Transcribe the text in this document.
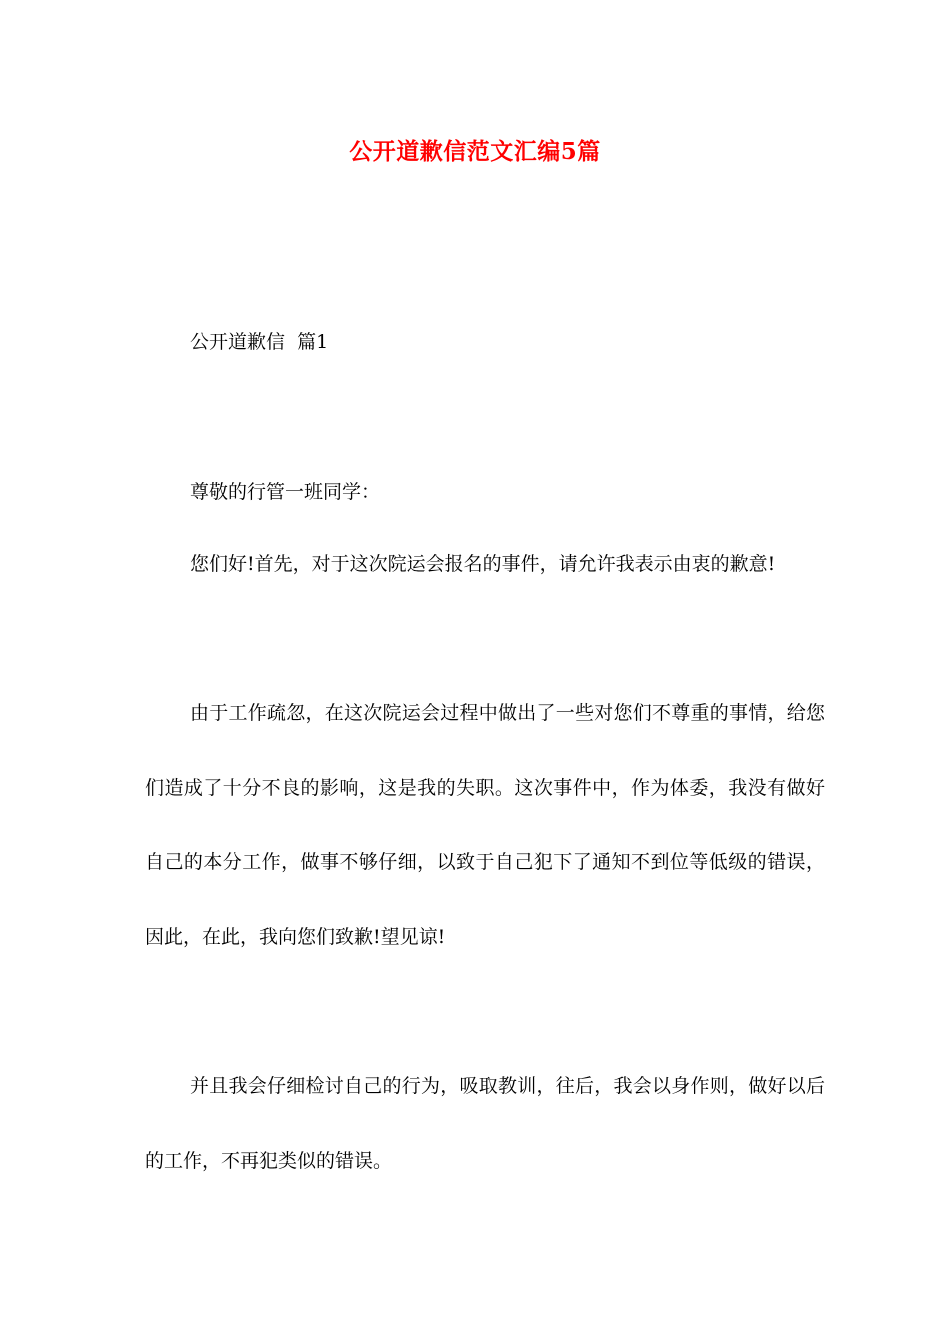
公开道歉信范文汇编5篇
公开道歉信  篇1
尊敬的行管一班同学：

您们好!首先，对于这次院运会报名的事件，请允许我表示由衷的歉意!

由于工作疏忽，在这次院运会过程中做出了一些对您们不尊重的事情，给您们造成了十分不良的影响，这是我的失职。这次事件中，作为体委，我没有做好自己的本分工作，做事不够仔细，以致于自己犯下了通知不到位等低级的错误，因此，在此，我向您们致歉!望见谅!

并且我会仔细检讨自己的行为，吸取教训，往后，我会以身作则，做好以后的工作，不再犯类似的错误。
